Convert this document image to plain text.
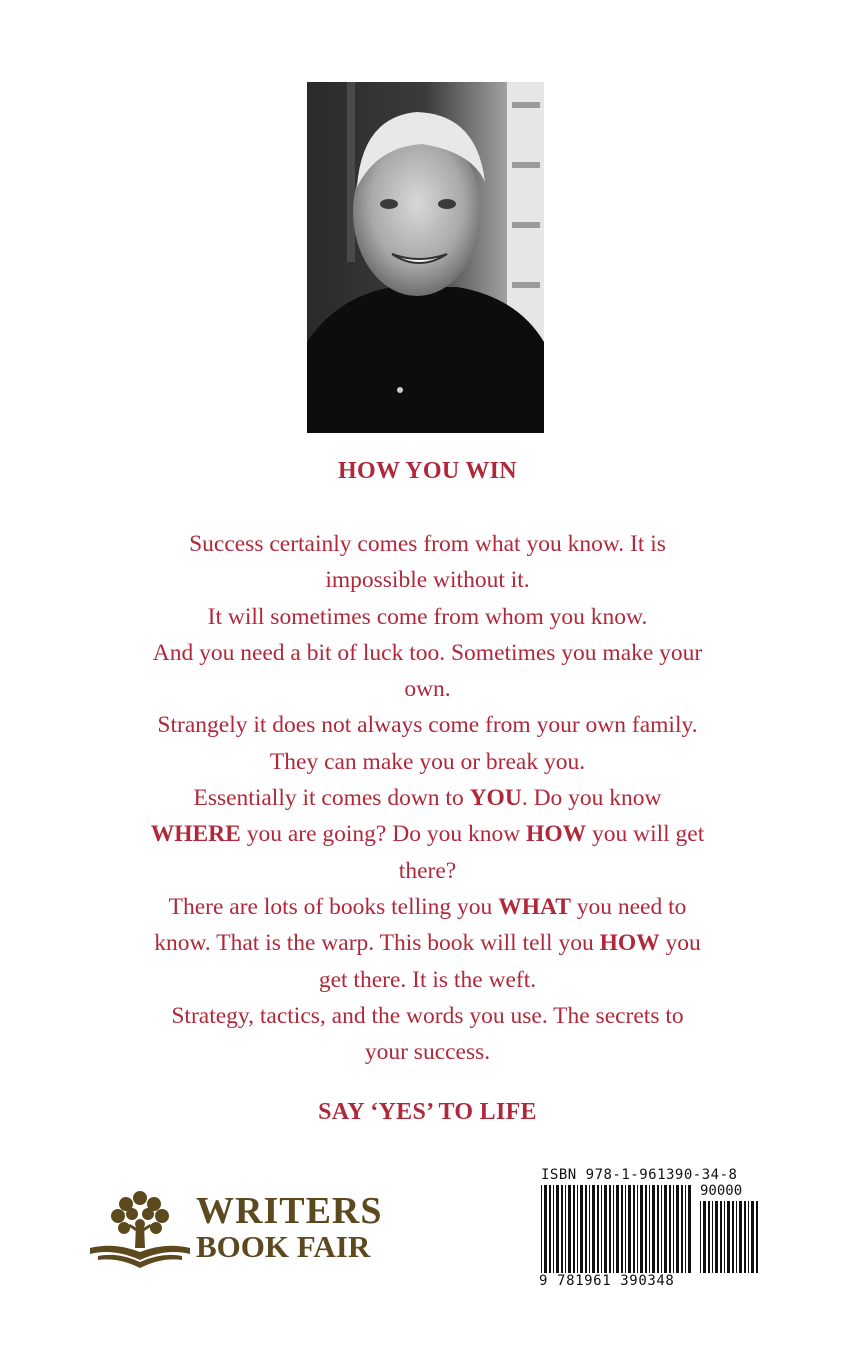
HOW YOU WIN

Success certainly comes from what you know. It is impossible without it.

It will sometimes come from whom you know.

And you need a bit of luck too. Sometimes you make your own.

Strangely it does not always come from your own family. They can make you or break you.

Essentially it comes down to YOU. Do you know WHERE you are going? Do you know HOW you will get there?

There are lots of books telling you WHAT you need to know. That is the warp. This book will tell you HOW you get there. It is the weft.

Strategy, tactics, and the words you use. The secrets to your success.

SAY ‘YES’ TO LIFE
WRITERS
BOOK FAIR
ISBN 978-1-961390-34-8
90000
9 781961 390348
